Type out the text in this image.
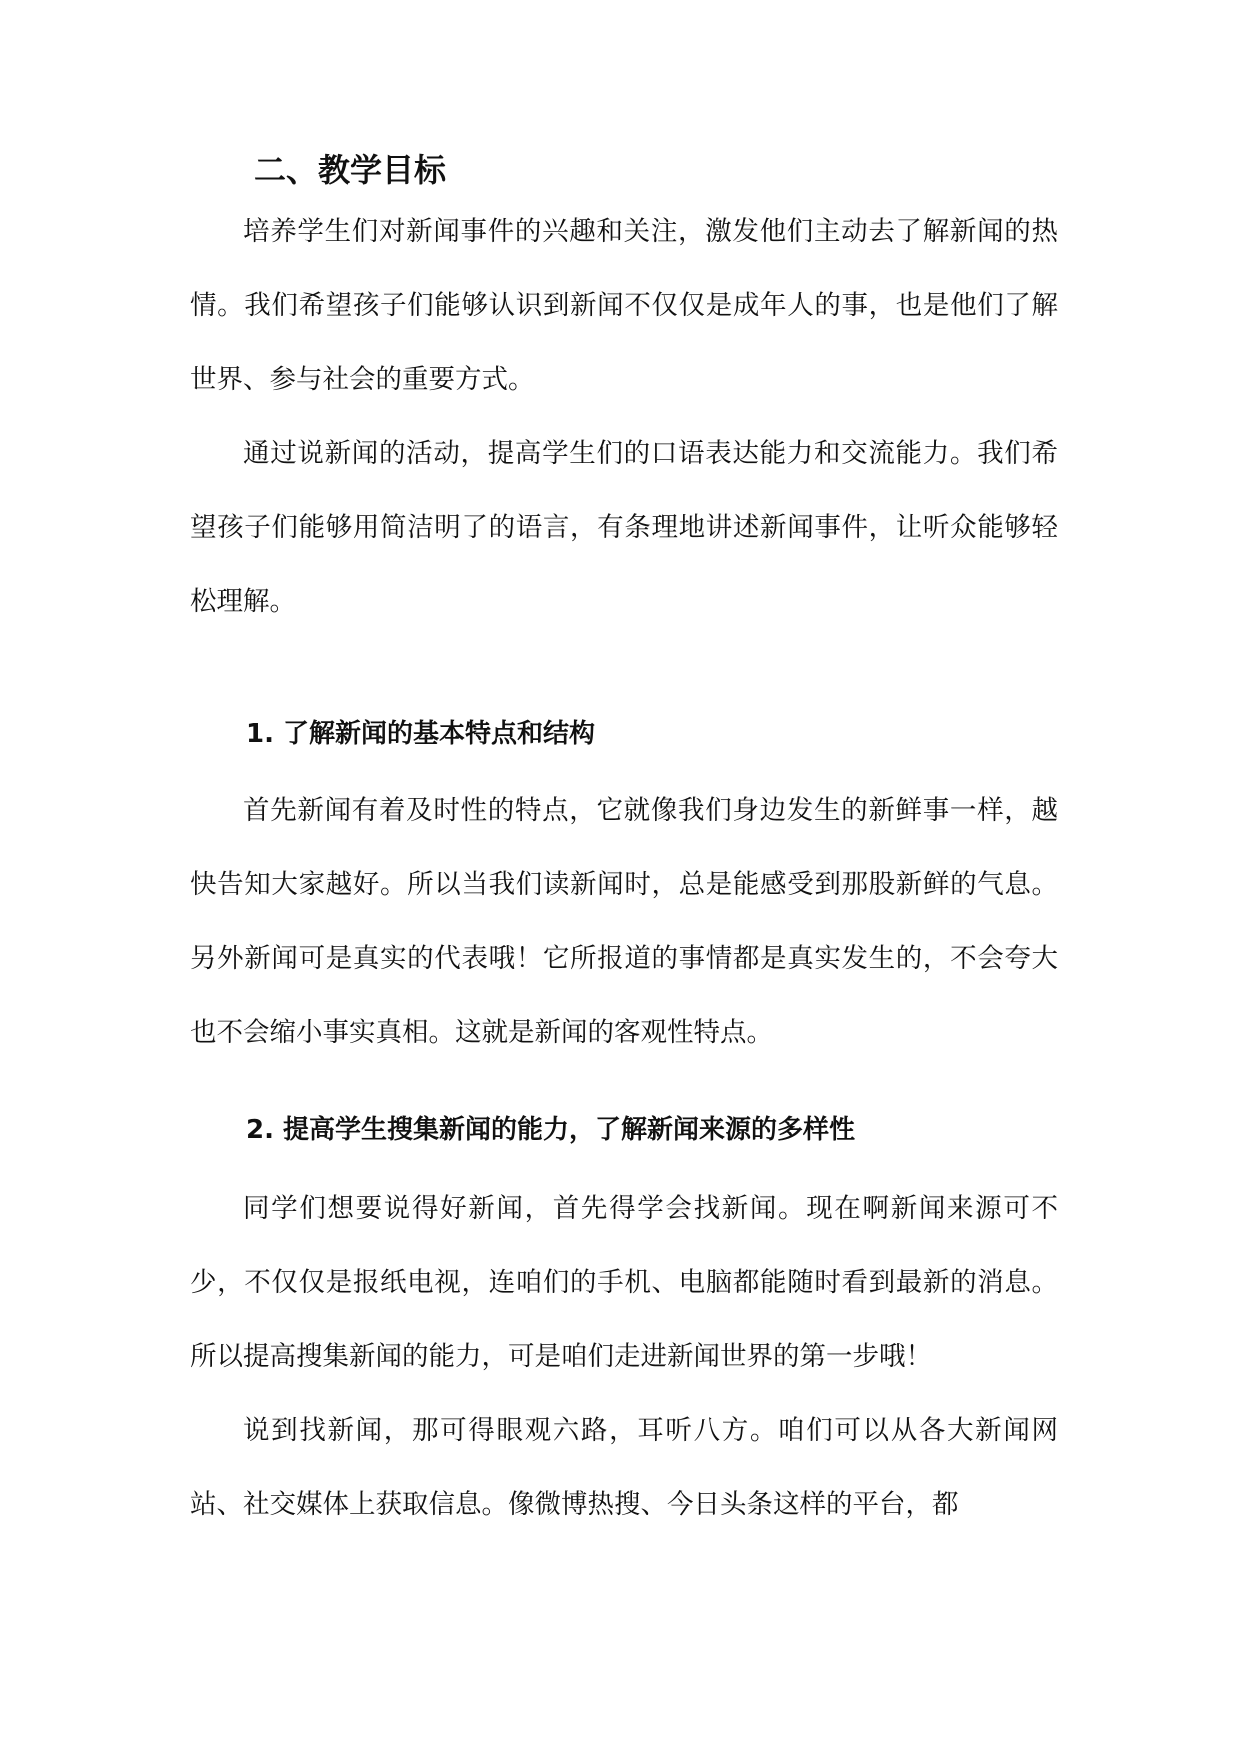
二、教学目标

培养学生们对新闻事件的兴趣和关注，激发他们主动去了解新闻的热情。我们希望孩子们能够认识到新闻不仅仅是成年人的事，也是他们了解世界、参与社会的重要方式。

通过说新闻的活动，提高学生们的口语表达能力和交流能力。我们希望孩子们能够用简洁明了的语言，有条理地讲述新闻事件，让听众能够轻松理解。

1. 了解新闻的基本特点和结构

首先新闻有着及时性的特点，它就像我们身边发生的新鲜事一样，越快告知大家越好。所以当我们读新闻时，总是能感受到那股新鲜的气息。另外新闻可是真实的代表哦！它所报道的事情都是真实发生的，不会夸大也不会缩小事实真相。这就是新闻的客观性特点。

2. 提高学生搜集新闻的能力，了解新闻来源的多样性

同学们想要说得好新闻，首先得学会找新闻。现在啊新闻来源可不少，不仅仅是报纸电视，连咱们的手机、电脑都能随时看到最新的消息。所以提高搜集新闻的能力，可是咱们走进新闻世界的第一步哦！

说到找新闻，那可得眼观六路，耳听八方。咱们可以从各大新闻网站、社交媒体上获取信息。像微博热搜、今日头条这样的平台，都
